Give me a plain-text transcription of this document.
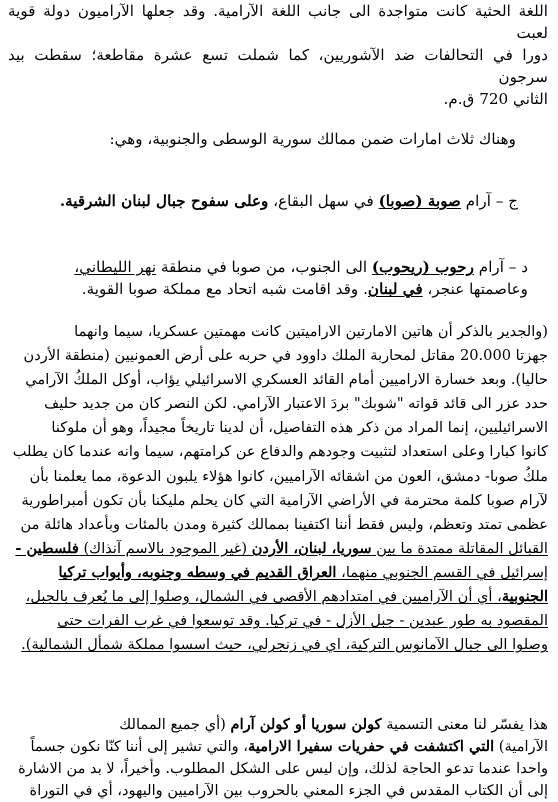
اللغة الحثية كانت متواجدة الى جانب اللغة الآرامية. وقد جعلها الآراميون دولة قوية لعبت
دورا في التحالفات ضد الآشوريين، كما شملت تسع عشرة مقاطعة؛ سقطت بيد سرجون
الثاني 720 ق.م.
وهناك ثلاث امارات ضمن ممالك سورية الوسطى والجنوبية، وهي:
ج – آرام صوبة (صوبا) في سهل البقاع، وعلى سفوح جبال لبنان الشرقية.
د – آرام رحوب (ريحوب) الى الجنوب، من صوبا في منطقة نهر الليطاني،
وعاصمتها عنجر، في لبنان. وقد اقامت شبه اتحاد مع مملكة صوبا القوية.
(والجدير بالذكر أن هاتين الامارتين الاراميتين كانت مهمتين عسكريا، سيما وانهما
جهزتا 20.000 مقاتل لمحاربة الملك داوود في حربه على أرض العمونيين (منطقة الأردن
حاليا). وبعد خسارة الاراميين أمام القائد العسكري الاسرائيلي يؤاب، أوكل الملكُ الآرامي
حدد عزر الى قائد قواته "شوبك" بردَ الاعتبار الآرامي. لكن النصر كان من جديد حليف
الاسرائيليين، إنما المراد من ذكر هذه التفاصيل، أن لدينا تاريخاً مجيداً، وهو أن ملوكنا
كانوا كبارا وعلى استعداد لتثبيت وجودهم والدفاع عن كرامتهم، سيما وانه عندما كان يطلب
ملكُ صوبا- دمشق، العون من اشقائه الآراميين، كانوا هؤلاء يلبون الدعوة، مما يعلمنا بأن
لآرام صوبا كلمة محترمة في الأراضي الآرامية التي كان يحلم مليكنا بأن تكون أمبراطورية
عظمى تمتد وتعظم، وليس فقط أننا اكتفينا بممالك كثيرة ومدن بالمئات وبأعداد هائلة من
القبائل المقاتلة ممتدة ما بين سوريا، لبنان، الأردن (غير الموجود بالاسم آنذاك) فلسطين -
إسرائيل في القسم الجنوبي منهما، العراق القديم في وسطه وجنوبه، وأبواب تركيا
الجنوبية، أي أن الآراميين في امتدادهم الأقصى في الشمال، وصلوا إلى ما يُعرف بالجبل،
المقصود به طور عبدين - جبل الأزل - في تركيا. وقد توسعوا في غرب الفرات حتى
وصلوا الى جبال الآمانوس التركية، اي في زنجرلي، حيث اسسوا مملكة شمأل الشمالية).
هذا يفسّر لنا معنى التسمية كولن سوريا أو كولن آرام (أي جميع الممالك
الآرامية) التي اكتشفت في حفريات سفيرا الارامية، والتي تشير إلى أننا كنّا نكون جسماً
واحدا عندما تدعو الحاجة لذلك، وإن ليس على الشكل المطلوب. وأخيراً، لا بد من الاشارة
إلى أن الكتاب المقدس في الجزء المعني بالحروب بين الآراميين واليهود، أي في التوراة
